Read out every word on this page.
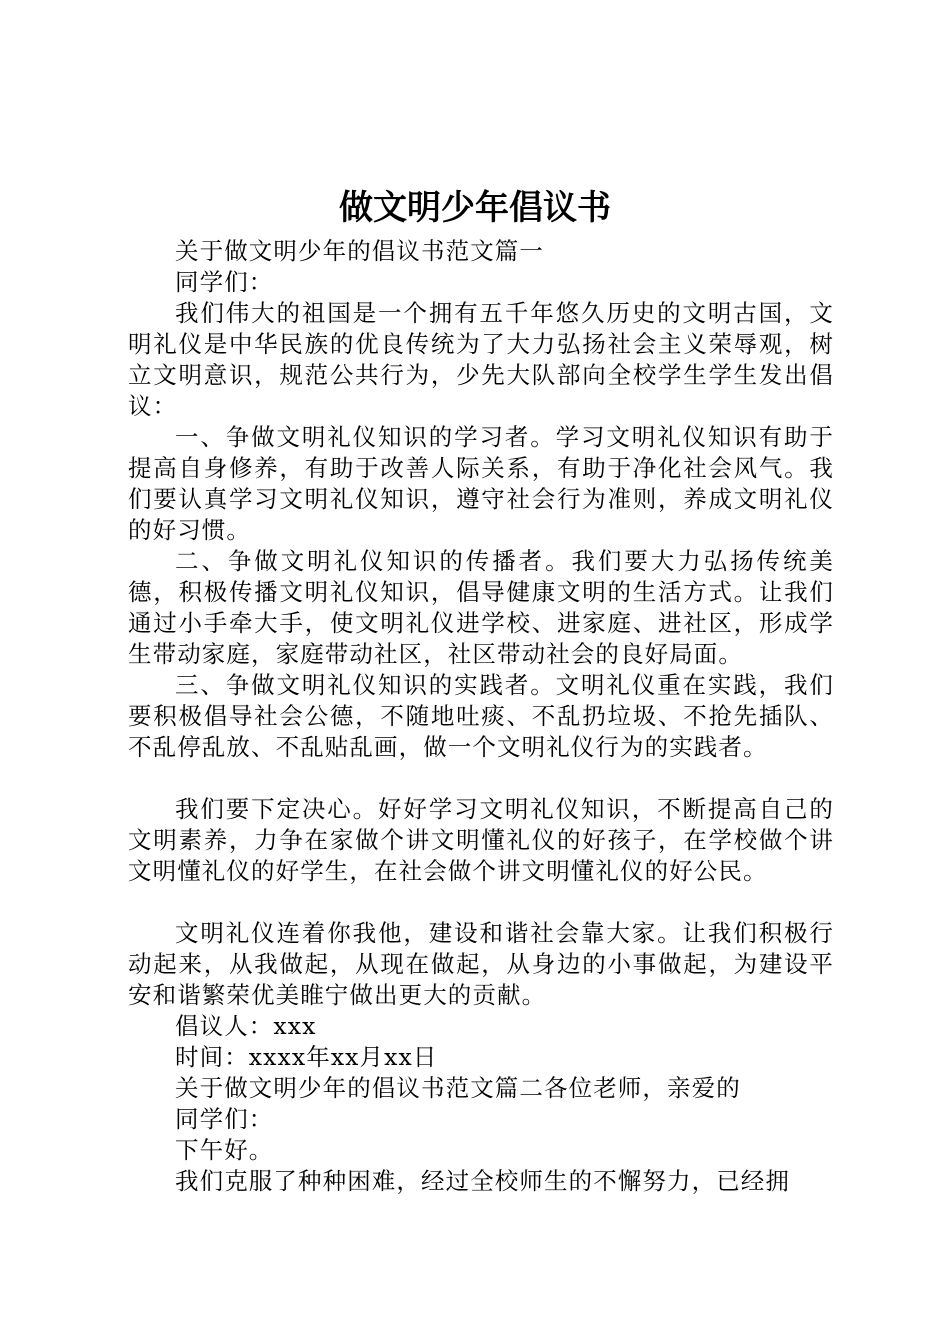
做文明少年倡议书

关于做文明少年的倡议书范文篇一

同学们：

我们伟大的祖国是一个拥有五千年悠久历史的文明古国，文明礼仪是中华民族的优良传统为了大力弘扬社会主义荣辱观，树立文明意识，规范公共行为，少先大队部向全校学生学生发出倡议：

一、争做文明礼仪知识的学习者。学习文明礼仪知识有助于提高自身修养，有助于改善人际关系，有助于净化社会风气。我们要认真学习文明礼仪知识，遵守社会行为准则，养成文明礼仪的好习惯。

二、争做文明礼仪知识的传播者。我们要大力弘扬传统美德，积极传播文明礼仪知识，倡导健康文明的生活方式。让我们通过小手牵大手，使文明礼仪进学校、进家庭、进社区，形成学生带动家庭，家庭带动社区，社区带动社会的良好局面。

三、争做文明礼仪知识的实践者。文明礼仪重在实践，我们要积极倡导社会公德，不随地吐痰、不乱扔垃圾、不抢先插队、不乱停乱放、不乱贴乱画，做一个文明礼仪行为的实践者。

我们要下定决心。好好学习文明礼仪知识，不断提高自己的文明素养，力争在家做个讲文明懂礼仪的好孩子，在学校做个讲文明懂礼仪的好学生，在社会做个讲文明懂礼仪的好公民。

文明礼仪连着你我他，建设和谐社会靠大家。让我们积极行动起来，从我做起，从现在做起，从身边的小事做起，为建设平安和谐繁荣优美睢宁做出更大的贡献。

倡议人：xxx

时间：xxxx年xx月xx日

关于做文明少年的倡议书范文篇二各位老师，亲爱的

同学们：

下午好。

我们克服了种种困难，经过全校师生的不懈努力，已经拥
